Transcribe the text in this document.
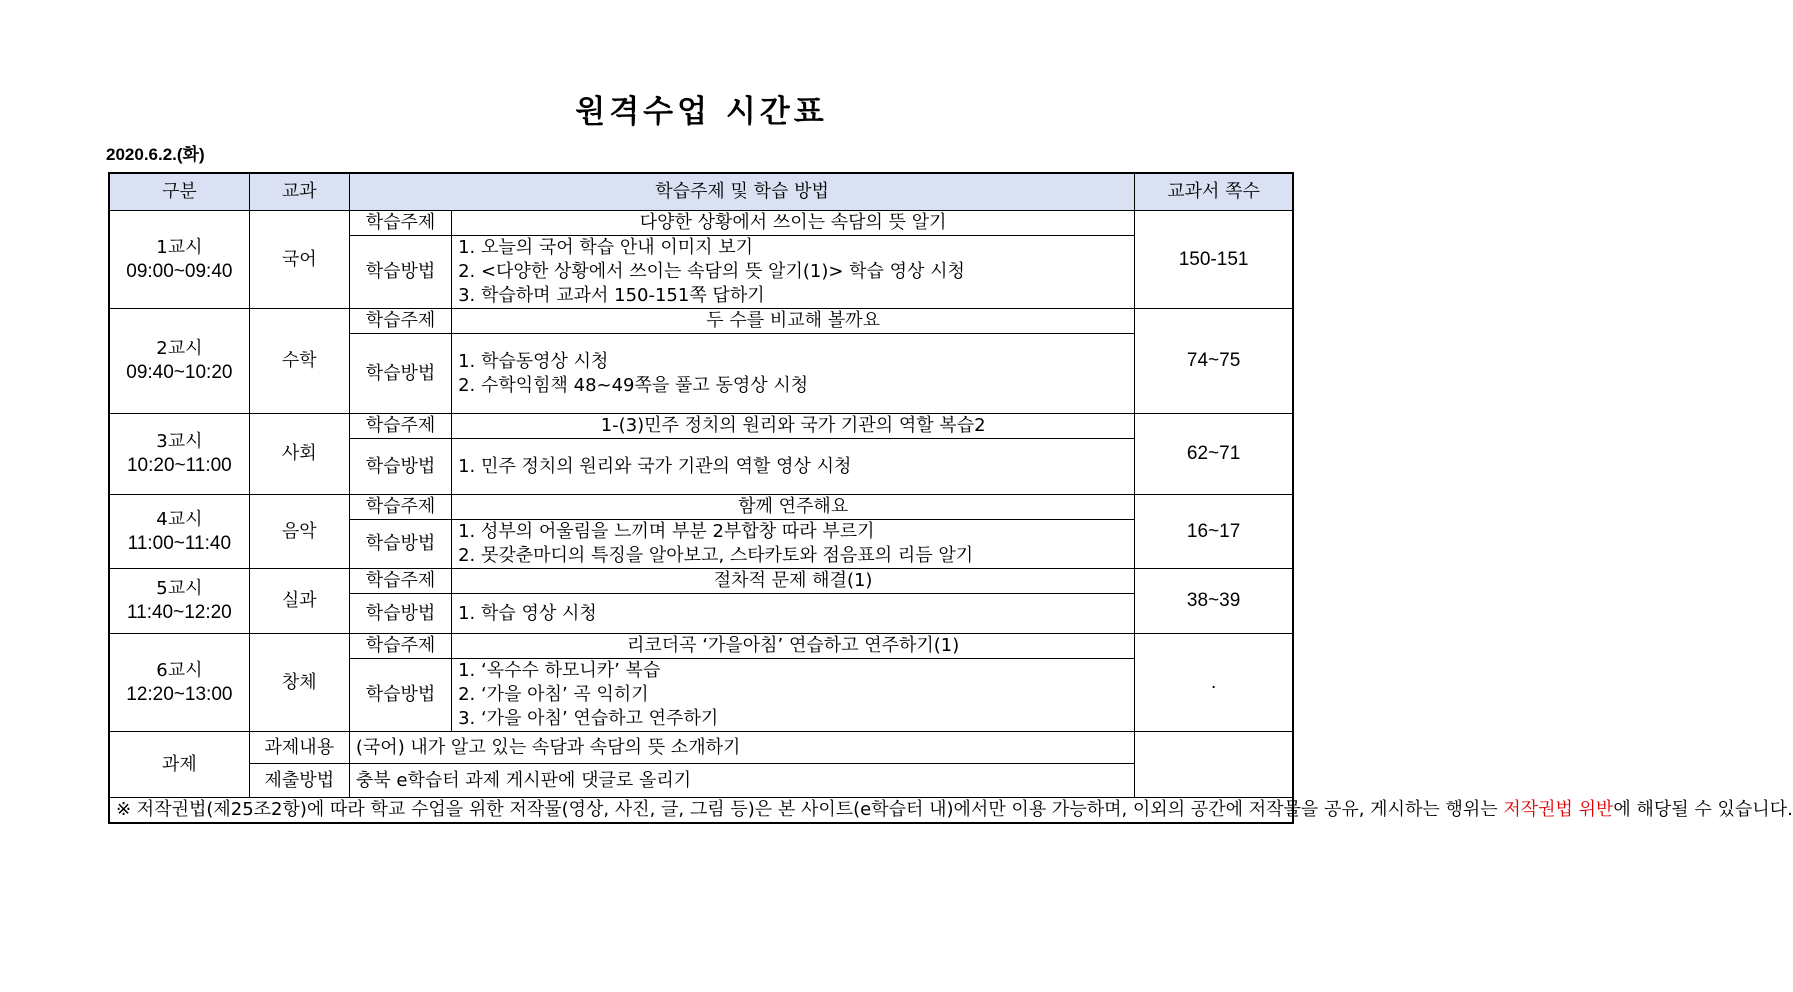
원격수업 시간표
2020.6.2.(화)
구분	교과	학습주제 및 학습 방법		교과서 쪽수

1교시
09:00~09:40	국어	학습주제	다양한 상황에서 쓰이는 속담의 뜻 알기	150-151
		학습방법	1. 오늘의 국어 학습 안내 이미지 보기
2. <다양한 상황에서 쓰이는 속담의 뜻 알기(1)> 학습 영상 시청
3. 학습하며 교과서 150-151쪽 답하기	

2교시
09:40~10:20	수학	학습주제	두 수를 비교해 볼까요	74~75
		학습방법	1. 학습동영상 시청
2. 수학익힘책 48~49쪽을 풀고 동영상 시청	

3교시
10:20~11:00	사회	학습주제	1-(3)민주 정치의 원리와 국가 기관의 역할 복습2	62~71
		학습방법	1. 민주 정치의 원리와 국가 기관의 역할 영상 시청	

4교시
11:00~11:40	음악	학습주제	함께 연주해요	16~17
		학습방법	1. 성부의 어울림을 느끼며 부분 2부합창 따라 부르기
2. 못갖춘마디의 특징을 알아보고, 스타카토와 점음표의 리듬 알기	

5교시
11:40~12:20	실과	학습주제	절차적 문제 해결(1)	38~39
		학습방법	1. 학습 영상 시청	

6교시
12:20~13:00	창체	학습주제	리코더곡 ‘가을아침’ 연습하고 연주하기(1)	.
		학습방법	1. ‘옥수수 하모니카’ 복습
2. ‘가을 아침’ 곡 익히기
3. ‘가을 아침’ 연습하고 연주하기	

과제	과제내용	(국어) 내가 알고 있는 속담과 속담의 뜻 소개하기		
	제출방법	충북 e학습터 과제 게시판에 댓글로 올리기		
※ 저작권법(제25조2항)에 따라 학교 수업을 위한 저작물(영상, 사진, 글, 그림 등)은 본 사이트(e학습터 내)에서만 이용 가능하며, 이외의 공간에 저작물을 공유, 게시하는 행위는 저작권법 위반에 해당될 수 있습니다.				
